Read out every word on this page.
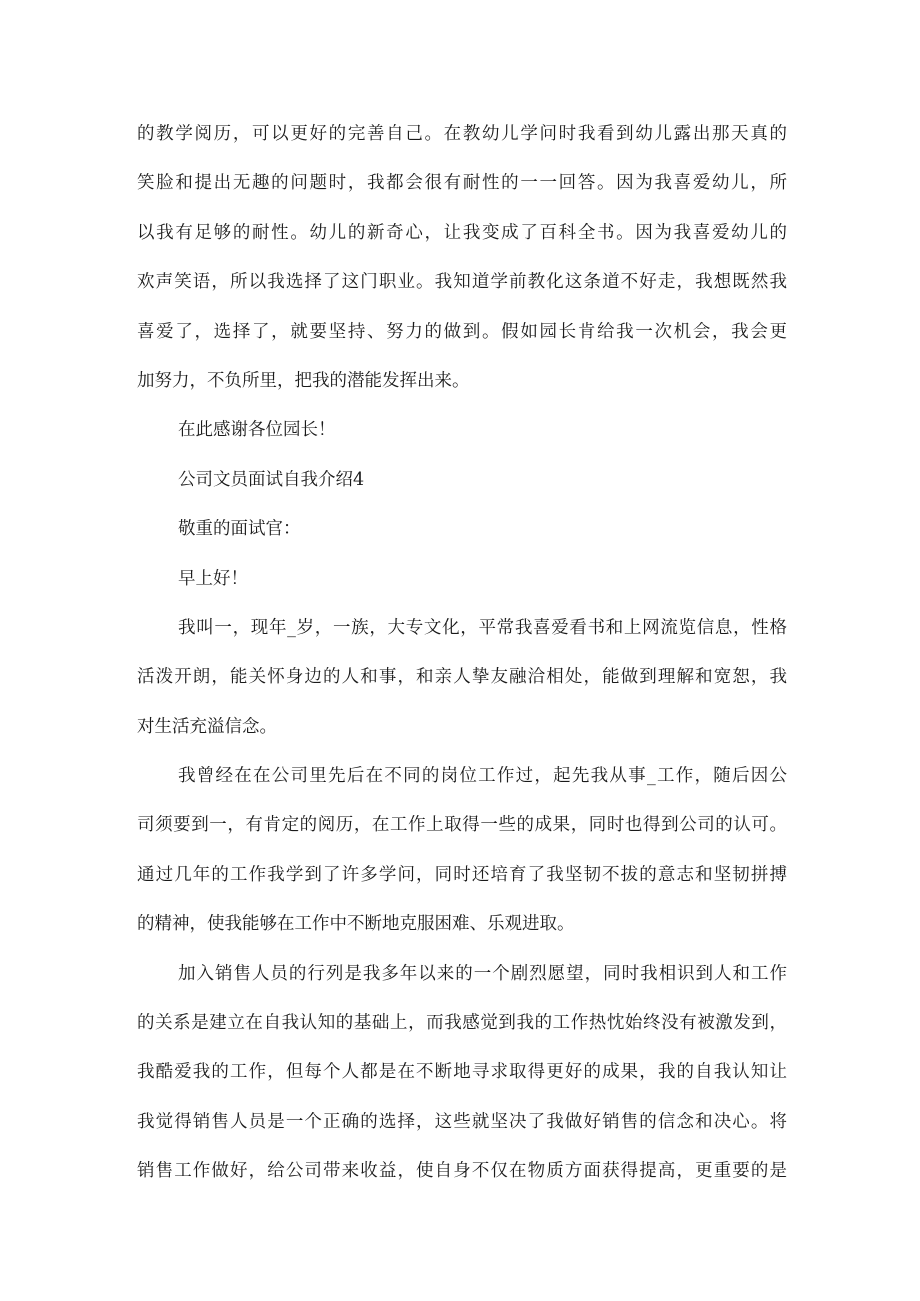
的教学阅历，可以更好的完善自己。在教幼儿学问时我看到幼儿露出那天真的
笑脸和提出无趣的问题时，我都会很有耐性的一一回答。因为我喜爱幼儿，所
以我有足够的耐性。幼儿的新奇心，让我变成了百科全书。因为我喜爱幼儿的
欢声笑语，所以我选择了这门职业。我知道学前教化这条道不好走，我想既然我
喜爱了，选择了，就要坚持、努力的做到。假如园长肯给我一次机会，我会更
加努力，不负所里，把我的潜能发挥出来。
在此感谢各位园长！
公司文员面试自我介绍4
敬重的面试官：
早上好！
我叫一，现年_岁，一族，大专文化，平常我喜爱看书和上网流览信息，性格
活泼开朗，能关怀身边的人和事，和亲人挚友融洽相处，能做到理解和宽恕，我
对生活充溢信念。
我曾经在在公司里先后在不同的岗位工作过，起先我从事_工作，随后因公
司须要到一，有肯定的阅历，在工作上取得一些的成果，同时也得到公司的认可。
通过几年的工作我学到了许多学问，同时还培育了我坚韧不拔的意志和坚韧拼搏
的精神，使我能够在工作中不断地克服困难、乐观进取。
加入销售人员的行列是我多年以来的一个剧烈愿望，同时我相识到人和工作
的关系是建立在自我认知的基础上，而我感觉到我的工作热忱始终没有被激发到，
我酷爱我的工作，但每个人都是在不断地寻求取得更好的成果，我的自我认知让
我觉得销售人员是一个正确的选择，这些就坚决了我做好销售的信念和决心。将
销售工作做好，给公司带来收益，使自身不仅在物质方面获得提高，更重要的是
